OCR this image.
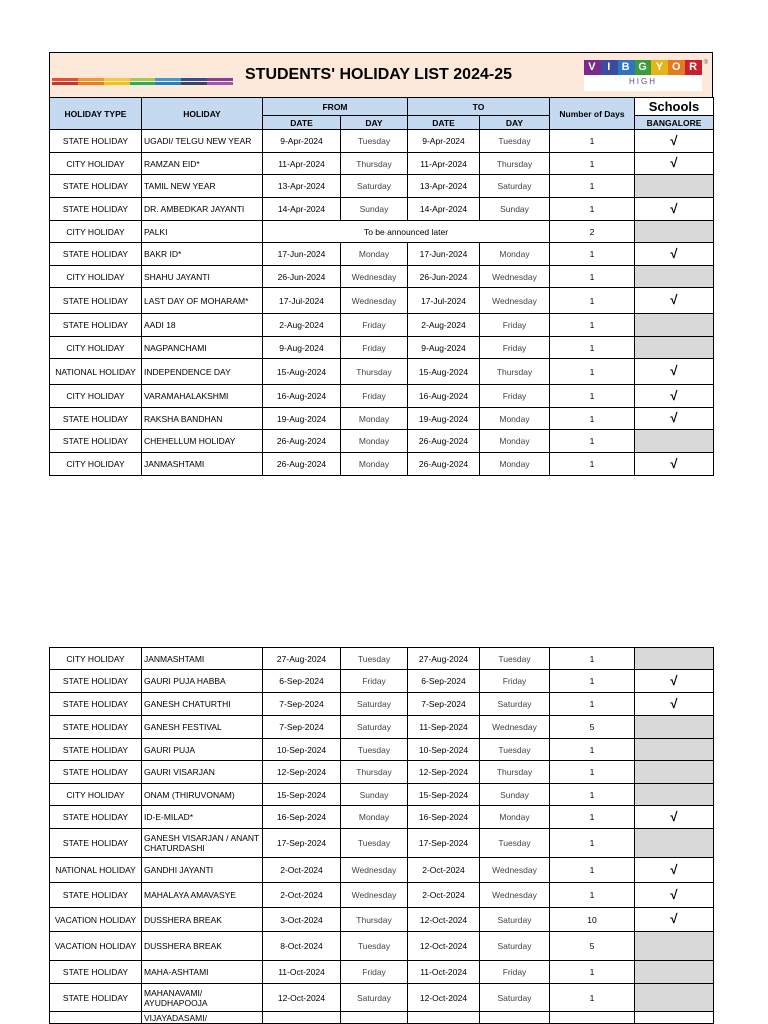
STUDENTS' HOLIDAY LIST 2024-25	V I B G Y O R
HIGH
®
HOLIDAY TYPE	HOLIDAY	FROM		TO		Number of Days	Schools
		DATE	DAY	DATE	DAY		BANGALORE
STATE HOLIDAY	UGADI/ TELGU NEW YEAR	9-Apr-2024	Tuesday	9-Apr-2024	Tuesday	1	√
CITY HOLIDAY	RAMZAN EID*	11-Apr-2024	Thursday	11-Apr-2024	Thursday	1	√
STATE HOLIDAY	TAMIL NEW YEAR	13-Apr-2024	Saturday	13-Apr-2024	Saturday	1	
STATE HOLIDAY	DR. AMBEDKAR JAYANTI	14-Apr-2024	Sunday	14-Apr-2024	Sunday	1	√
CITY HOLIDAY	PALKI	To be announced later				2	
STATE HOLIDAY	BAKR ID*	17-Jun-2024	Monday	17-Jun-2024	Monday	1	√
CITY HOLIDAY	SHAHU JAYANTI	26-Jun-2024	Wednesday	26-Jun-2024	Wednesday	1	
STATE HOLIDAY	LAST DAY OF MOHARAM*	17-Jul-2024	Wednesday	17-Jul-2024	Wednesday	1	√
STATE HOLIDAY	AADI 18	2-Aug-2024	Friday	2-Aug-2024	Friday	1	
CITY HOLIDAY	NAGPANCHAMI	9-Aug-2024	Friday	9-Aug-2024	Friday	1	
NATIONAL HOLIDAY	INDEPENDENCE DAY	15-Aug-2024	Thursday	15-Aug-2024	Thursday	1	√
CITY HOLIDAY	VARAMAHALAKSHMI	16-Aug-2024	Friday	16-Aug-2024	Friday	1	√
STATE HOLIDAY	RAKSHA BANDHAN	19-Aug-2024	Monday	19-Aug-2024	Monday	1	√
STATE HOLIDAY	CHEHELLUM HOLIDAY	26-Aug-2024	Monday	26-Aug-2024	Monday	1	
CITY HOLIDAY	JANMASHTAMI	26-Aug-2024	Monday	26-Aug-2024	Monday	1	√
CITY HOLIDAY	JANMASHTAMI	27-Aug-2024	Tuesday	27-Aug-2024	Tuesday	1	
STATE HOLIDAY	GAURI PUJA HABBA	6-Sep-2024	Friday	6-Sep-2024	Friday	1	√
STATE HOLIDAY	GANESH CHATURTHI	7-Sep-2024	Saturday	7-Sep-2024	Saturday	1	√
STATE HOLIDAY	GANESH FESTIVAL	7-Sep-2024	Saturday	11-Sep-2024	Wednesday	5	
STATE HOLIDAY	GAURI PUJA	10-Sep-2024	Tuesday	10-Sep-2024	Tuesday	1	
STATE HOLIDAY	GAURI VISARJAN	12-Sep-2024	Thursday	12-Sep-2024	Thursday	1	
CITY HOLIDAY	ONAM (THIRUVONAM)	15-Sep-2024	Sunday	15-Sep-2024	Sunday	1	
STATE HOLIDAY	ID-E-MILAD*	16-Sep-2024	Monday	16-Sep-2024	Monday	1	√
STATE HOLIDAY	GANESH VISARJAN / ANANT CHATURDASHI	17-Sep-2024	Tuesday	17-Sep-2024	Tuesday	1	
NATIONAL HOLIDAY	GANDHI JAYANTI	2-Oct-2024	Wednesday	2-Oct-2024	Wednesday	1	√
STATE HOLIDAY	MAHALAYA AMAVASYE	2-Oct-2024	Wednesday	2-Oct-2024	Wednesday	1	√
VACATION HOLIDAY	DUSSHERA BREAK	3-Oct-2024	Thursday	12-Oct-2024	Saturday	10	√
VACATION HOLIDAY	DUSSHERA BREAK	8-Oct-2024	Tuesday	12-Oct-2024	Saturday	5	
STATE HOLIDAY	MAHA-ASHTAMI	11-Oct-2024	Friday	11-Oct-2024	Friday	1	
STATE HOLIDAY	MAHANAVAMI/ AYUDHAPOOJA	12-Oct-2024	Saturday	12-Oct-2024	Saturday	1	
	VIJAYADASAMI/						
